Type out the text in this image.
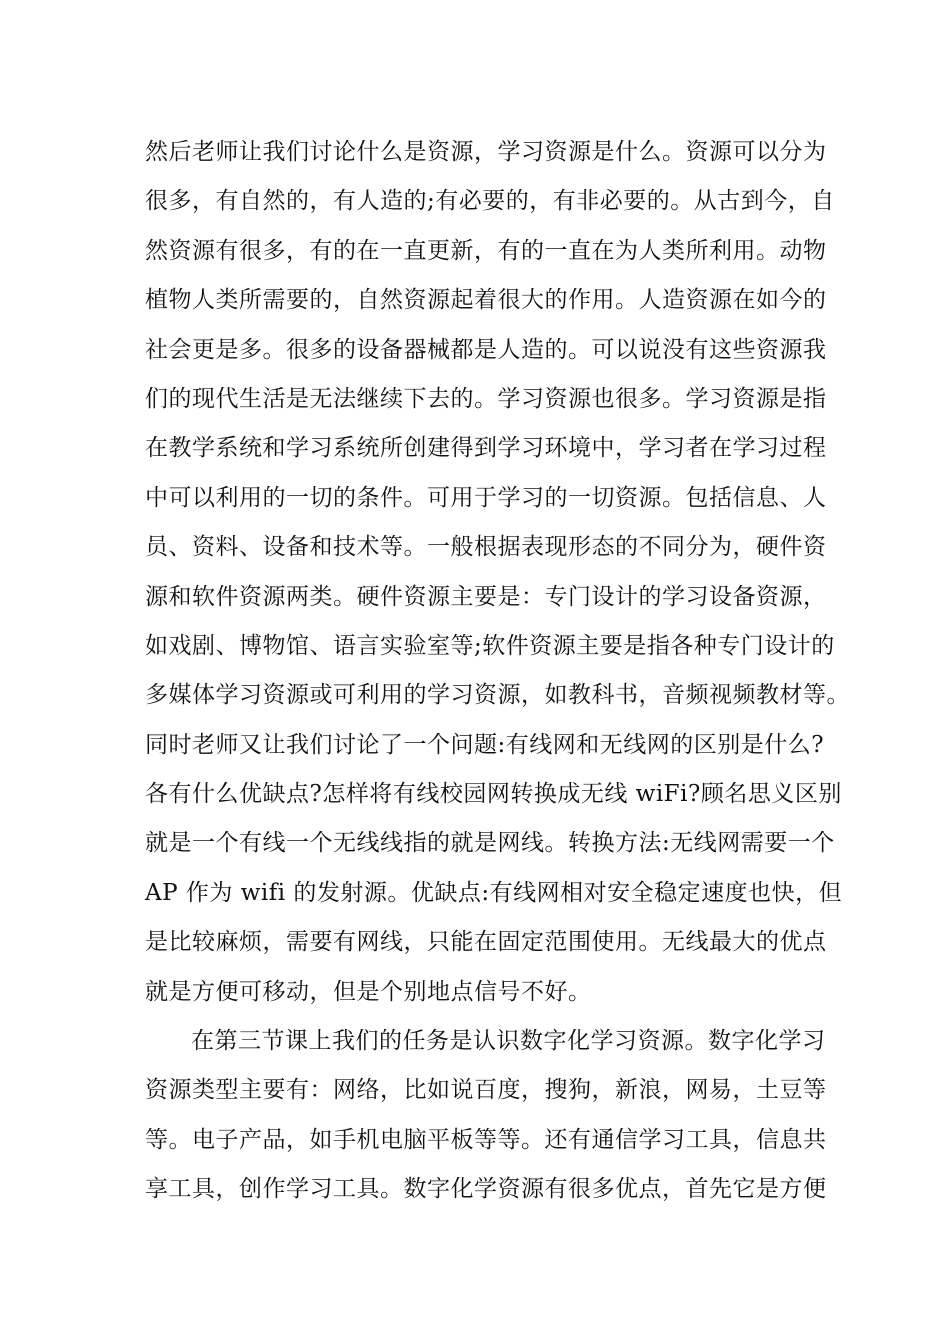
然后老师让我们讨论什么是资源，学习资源是什么。资源可以分为
很多，有自然的，有人造的;有必要的，有非必要的。从古到今，自
然资源有很多，有的在一直更新，有的一直在为人类所利用。动物
植物人类所需要的，自然资源起着很大的作用。人造资源在如今的
社会更是多。很多的设备器械都是人造的。可以说没有这些资源我
们的现代生活是无法继续下去的。学习资源也很多。学习资源是指
在教学系统和学习系统所创建得到学习环境中，学习者在学习过程
中可以利用的一切的条件。可用于学习的一切资源。包括信息、人
员、资料、设备和技术等。一般根据表现形态的不同分为，硬件资
源和软件资源两类。硬件资源主要是：专门设计的学习设备资源，
如戏剧、博物馆、语言实验室等;软件资源主要是指各种专门设计的
多媒体学习资源或可利用的学习资源，如教科书，音频视频教材等。
同时老师又让我们讨论了一个问题:有线网和无线网的区别是什么?
各有什么优缺点?怎样将有线校园网转换成无线 wiFi?顾名思义区别
就是一个有线一个无线线指的就是网线。转换方法:无线网需要一个
AP 作为 wifi 的发射源。优缺点:有线网相对安全稳定速度也快，但
是比较麻烦，需要有网线，只能在固定范围使用。无线最大的优点
就是方便可移动，但是个别地点信号不好。
在第三节课上我们的任务是认识数字化学习资源。数字化学习
资源类型主要有：网络，比如说百度，搜狗，新浪，网易，土豆等
等。电子产品，如手机电脑平板等等。还有通信学习工具，信息共
享工具，创作学习工具。数字化学资源有很多优点，首先它是方便
